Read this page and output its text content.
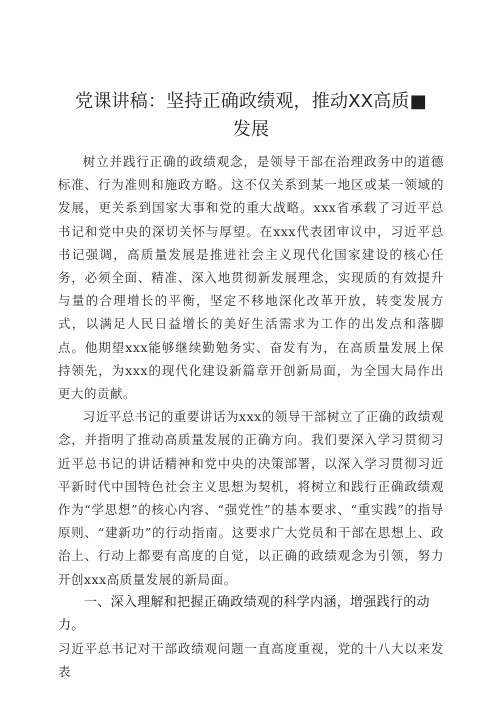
党课讲稿：坚持正确政绩观，推动XX高质■
发展

树立并践行正确的政绩观念，是领导干部在治理政务中的道德标准、行为准则和施政方略。这不仅关系到某一地区或某一领域的发展，更关系到国家大事和党的重大战略。xxx省承载了习近平总书记和党中央的深切关怀与厚望。在xxx代表团审议中，习近平总书记强调，高质量发展是推进社会主义现代化国家建设的核心任务，必须全面、精准、深入地贯彻新发展理念，实现质的有效提升与量的合理增长的平衡，坚定不移地深化改革开放，转变发展方式，以满足人民日益增长的美好生活需求为工作的出发点和落脚点。他期望xxx能够继续勤勉务实、奋发有为，在高质量发展上保持领先，为xxx的现代化建设新篇章开创新局面，为全国大局作出更大的贡献。

习近平总书记的重要讲话为xxx的领导干部树立了正确的政绩观念，并指明了推动高质量发展的正确方向。我们要深入学习贯彻习近平总书记的讲话精神和党中央的决策部署，以深入学习贯彻习近平新时代中国特色社会主义思想为契机，将树立和践行正确政绩观作为“学思想”的核心内容、“强党性”的基本要求、“重实践”的指导原则、“建新功”的行动指南。这要求广大党员和干部在思想上、政治上、行动上都要有高度的自觉，以正确的政绩观念为引领，努力开创xxx高质量发展的新局面。

一、深入理解和把握正确政绩观的科学内涵，增强践行的动力。

习近平总书记对干部政绩观问题一直高度重视，党的十八大以来发表
